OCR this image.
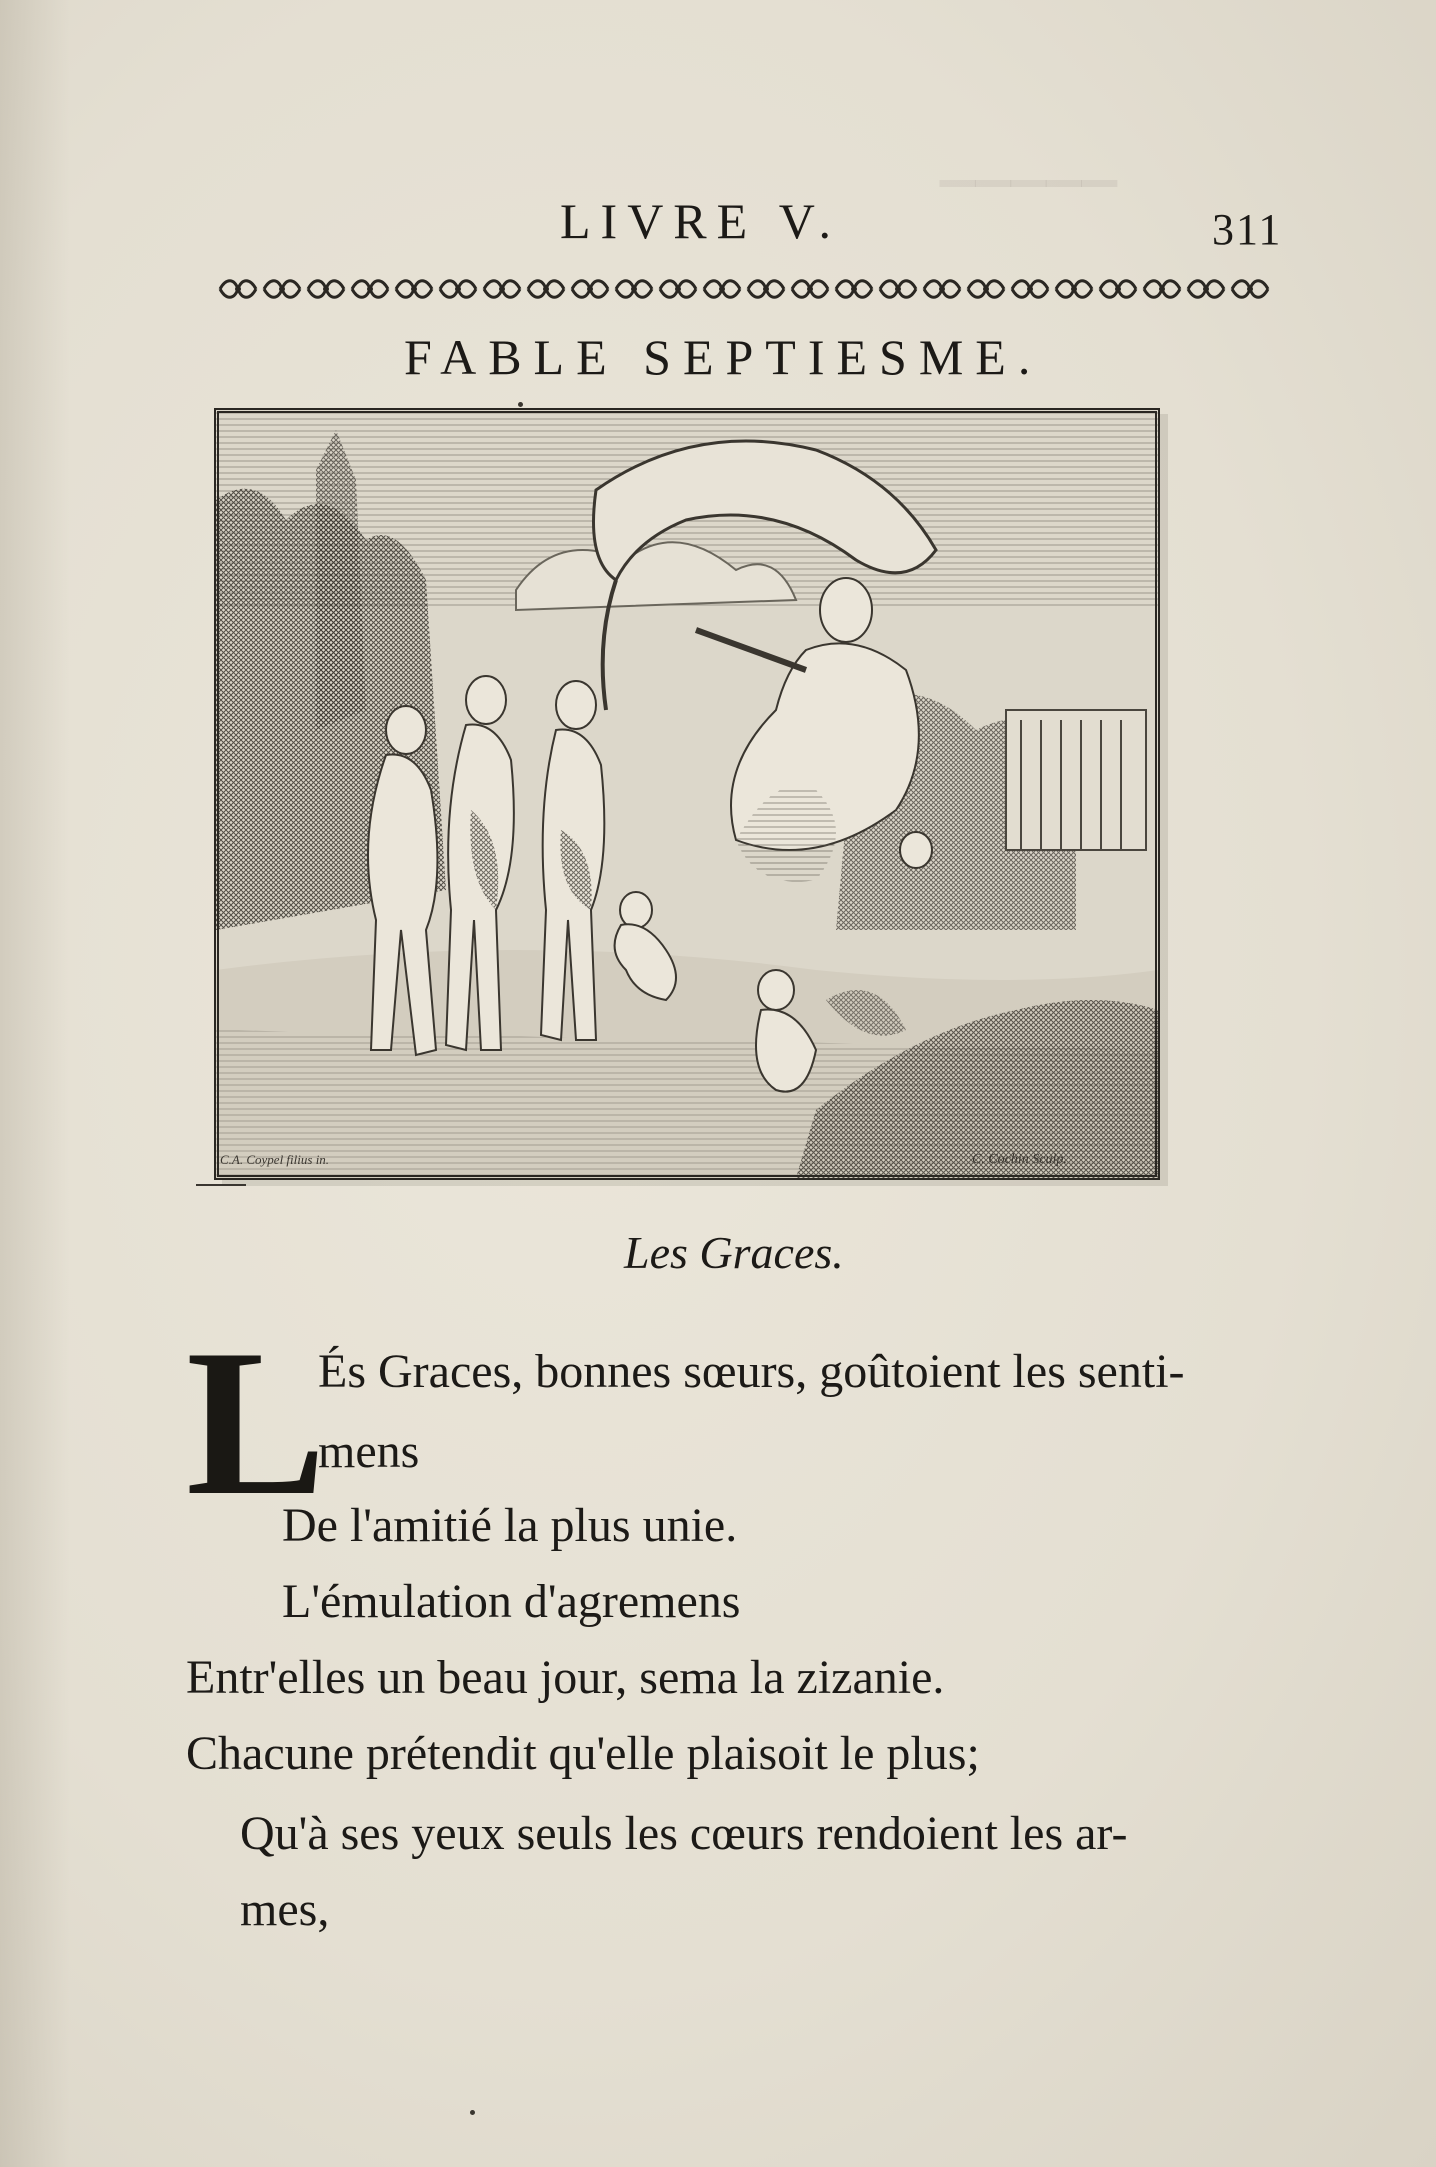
▔▔▔▔▔
LIVRE V.	311
FABLE SEPTIESME.
C.A. Coypel filius in.	C. Cochin Sculp.
Les Graces.
L
És Graces, bonnes sœurs, goûtoient les senti-
mens
De l'amitié la plus unie.
L'émulation d'agremens
Entr'elles un beau jour, sema la zizanie.
Chacune prétendit qu'elle plaisoit le plus;
Qu'à ses yeux seuls les cœurs rendoient les ar-
mes,
